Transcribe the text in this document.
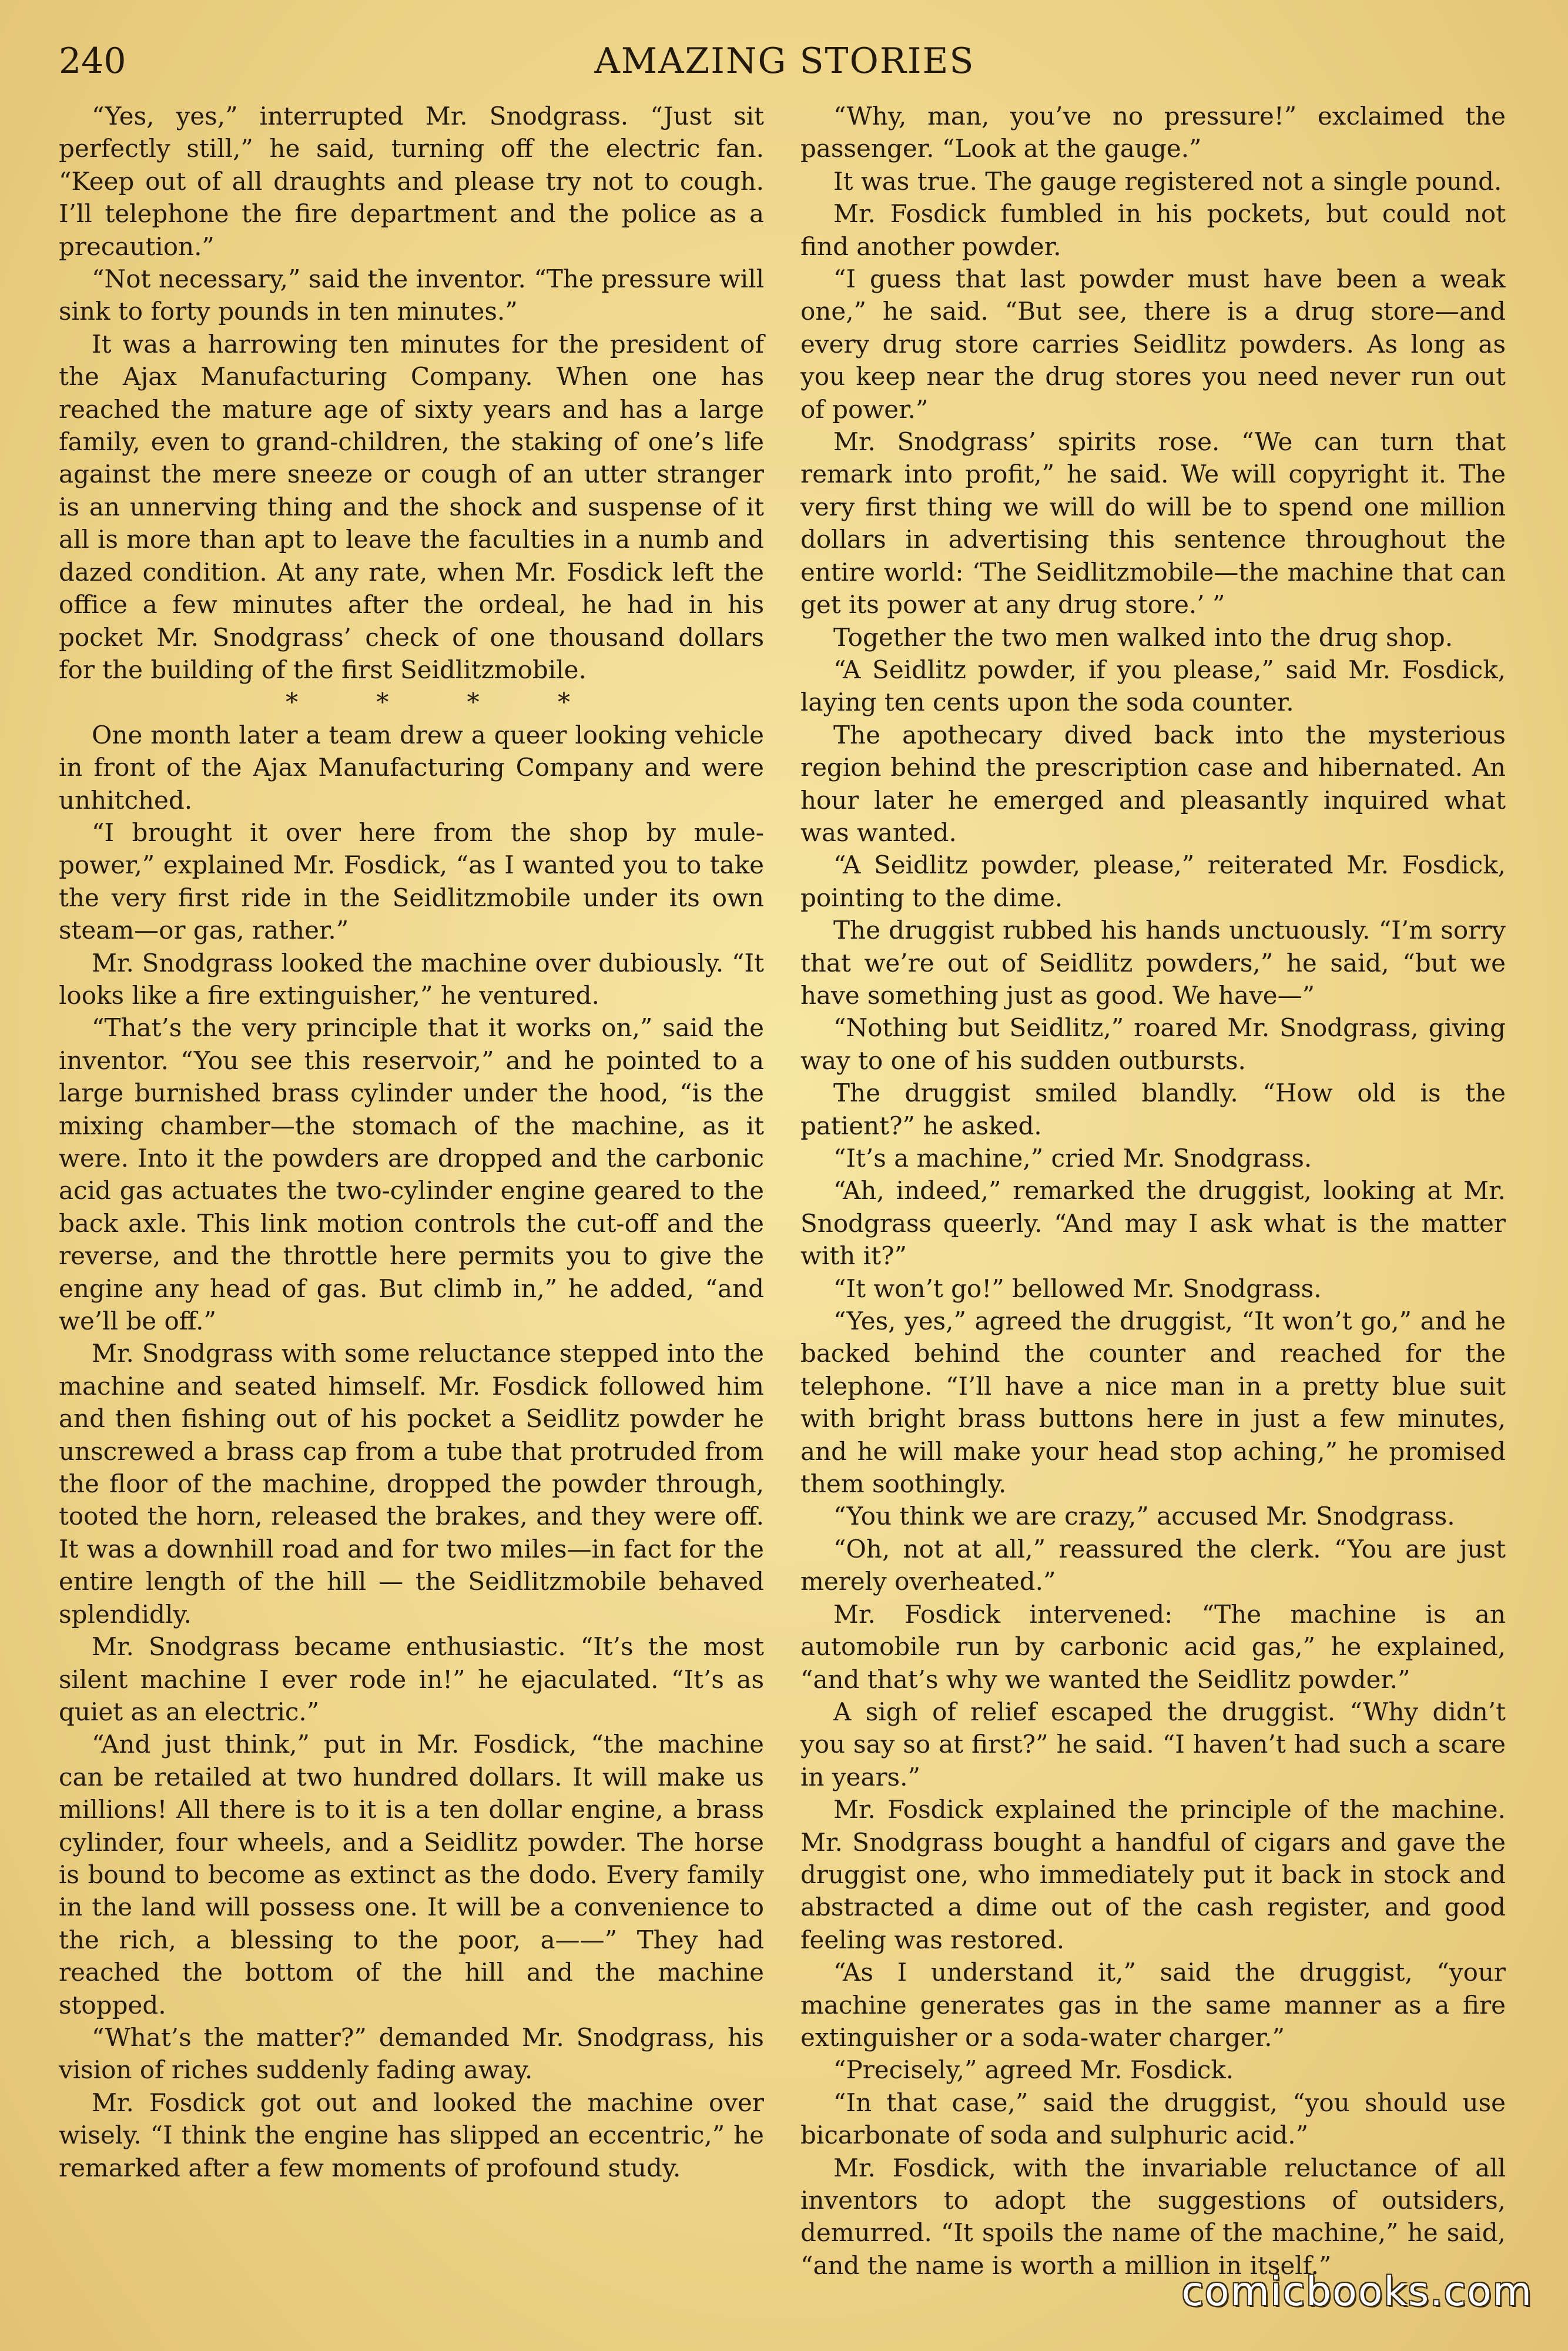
240	AMAZING STORIES

“Yes, yes,” interrupted Mr. Snodgrass. “Just sit perfectly still,” he said, turning off the electric fan. “Keep out of all draughts and please try not to cough. I’ll telephone the fire department and the police as a precaution.”

“Not necessary,” said the inventor. “The pressure will sink to forty pounds in ten minutes.”

It was a harrowing ten minutes for the president of the Ajax Manufacturing Company. When one has reached the mature age of sixty years and has a large family, even to grand-children, the staking of one’s life against the mere sneeze or cough of an utter stranger is an unnerving thing and the shock and suspense of it all is more than apt to leave the faculties in a numb and dazed condition. At any rate, when Mr. Fosdick left the office a few minutes after the ordeal, he had in his pocket Mr. Snodgrass’ check of one thousand dollars for the building of the first Seidlitzmobile.

* * * *

One month later a team drew a queer looking vehicle in front of the Ajax Manufacturing Company and were unhitched.

“I brought it over here from the shop by mule-power,” explained Mr. Fosdick, “as I wanted you to take the very first ride in the Seidlitzmobile under its own steam—or gas, rather.”

Mr. Snodgrass looked the machine over dubiously. “It looks like a fire extinguisher,” he ventured.

“That’s the very principle that it works on,” said the inventor. “You see this reservoir,” and he pointed to a large burnished brass cylinder under the hood, “is the mixing chamber—the stomach of the machine, as it were. Into it the powders are dropped and the carbonic acid gas actuates the two-cylinder engine geared to the back axle. This link motion controls the cut-off and the reverse, and the throttle here permits you to give the engine any head of gas. But climb in,” he added, “and we’ll be off.”

Mr. Snodgrass with some reluctance stepped into the machine and seated himself. Mr. Fosdick followed him and then fishing out of his pocket a Seidlitz powder he unscrewed a brass cap from a tube that protruded from the floor of the machine, dropped the powder through, tooted the horn, released the brakes, and they were off. It was a downhill road and for two miles—in fact for the entire length of the hill — the Seidlitzmobile behaved splendidly.

Mr. Snodgrass became enthusiastic. “It’s the most silent machine I ever rode in!” he ejaculated. “It’s as quiet as an electric.”

“And just think,” put in Mr. Fosdick, “the machine can be retailed at two hundred dollars. It will make us millions! All there is to it is a ten dollar engine, a brass cylinder, four wheels, and a Seidlitz powder. The horse is bound to become as extinct as the dodo. Every family in the land will possess one. It will be a convenience to the rich, a blessing to the poor, a——” They had reached the bottom of the hill and the machine stopped.

“What’s the matter?” demanded Mr. Snodgrass, his vision of riches suddenly fading away.

Mr. Fosdick got out and looked the machine over wisely. “I think the engine has slipped an eccentric,” he remarked after a few moments of profound study.

“Why, man, you’ve no pressure!” exclaimed the passenger. “Look at the gauge.”

It was true. The gauge registered not a single pound.

Mr. Fosdick fumbled in his pockets, but could not find another powder.

“I guess that last powder must have been a weak one,” he said. “But see, there is a drug store—and every drug store carries Seidlitz powders. As long as you keep near the drug stores you need never run out of power.”

Mr. Snodgrass’ spirits rose. “We can turn that remark into profit,” he said. We will copyright it. The very first thing we will do will be to spend one million dollars in advertising this sentence throughout the entire world: ‘The Seidlitzmobile—the machine that can get its power at any drug store.’ ”

Together the two men walked into the drug shop.

“A Seidlitz powder, if you please,” said Mr. Fosdick, laying ten cents upon the soda counter.

The apothecary dived back into the mysterious region behind the prescription case and hibernated. An hour later he emerged and pleasantly inquired what was wanted.

“A Seidlitz powder, please,” reiterated Mr. Fosdick, pointing to the dime.

The druggist rubbed his hands unctuously. “I’m sorry that we’re out of Seidlitz powders,” he said, “but we have something just as good. We have—”

“Nothing but Seidlitz,” roared Mr. Snodgrass, giving way to one of his sudden outbursts.

The druggist smiled blandly. “How old is the patient?” he asked.

“It’s a machine,” cried Mr. Snodgrass.

“Ah, indeed,” remarked the druggist, looking at Mr. Snodgrass queerly. “And may I ask what is the matter with it?”

“It won’t go!” bellowed Mr. Snodgrass.

“Yes, yes,” agreed the druggist, “It won’t go,” and he backed behind the counter and reached for the telephone. “I’ll have a nice man in a pretty blue suit with bright brass buttons here in just a few minutes, and he will make your head stop aching,” he promised them soothingly.

“You think we are crazy,” accused Mr. Snodgrass.

“Oh, not at all,” reassured the clerk. “You are just merely overheated.”

Mr. Fosdick intervened: “The machine is an automobile run by carbonic acid gas,” he explained, “and that’s why we wanted the Seidlitz powder.”

A sigh of relief escaped the druggist. “Why didn’t you say so at first?” he said. “I haven’t had such a scare in years.”

Mr. Fosdick explained the principle of the machine. Mr. Snodgrass bought a handful of cigars and gave the druggist one, who immediately put it back in stock and abstracted a dime out of the cash register, and good feeling was restored.

“As I understand it,” said the druggist, “your machine generates gas in the same manner as a fire extinguisher or a soda-water charger.”

“Precisely,” agreed Mr. Fosdick.

“In that case,” said the druggist, “you should use bicarbonate of soda and sulphuric acid.”

Mr. Fosdick, with the invariable reluctance of all inventors to adopt the suggestions of outsiders, demurred. “It spoils the name of the machine,” he said, “and the name is worth a million in itself.”

comicbooks.com
